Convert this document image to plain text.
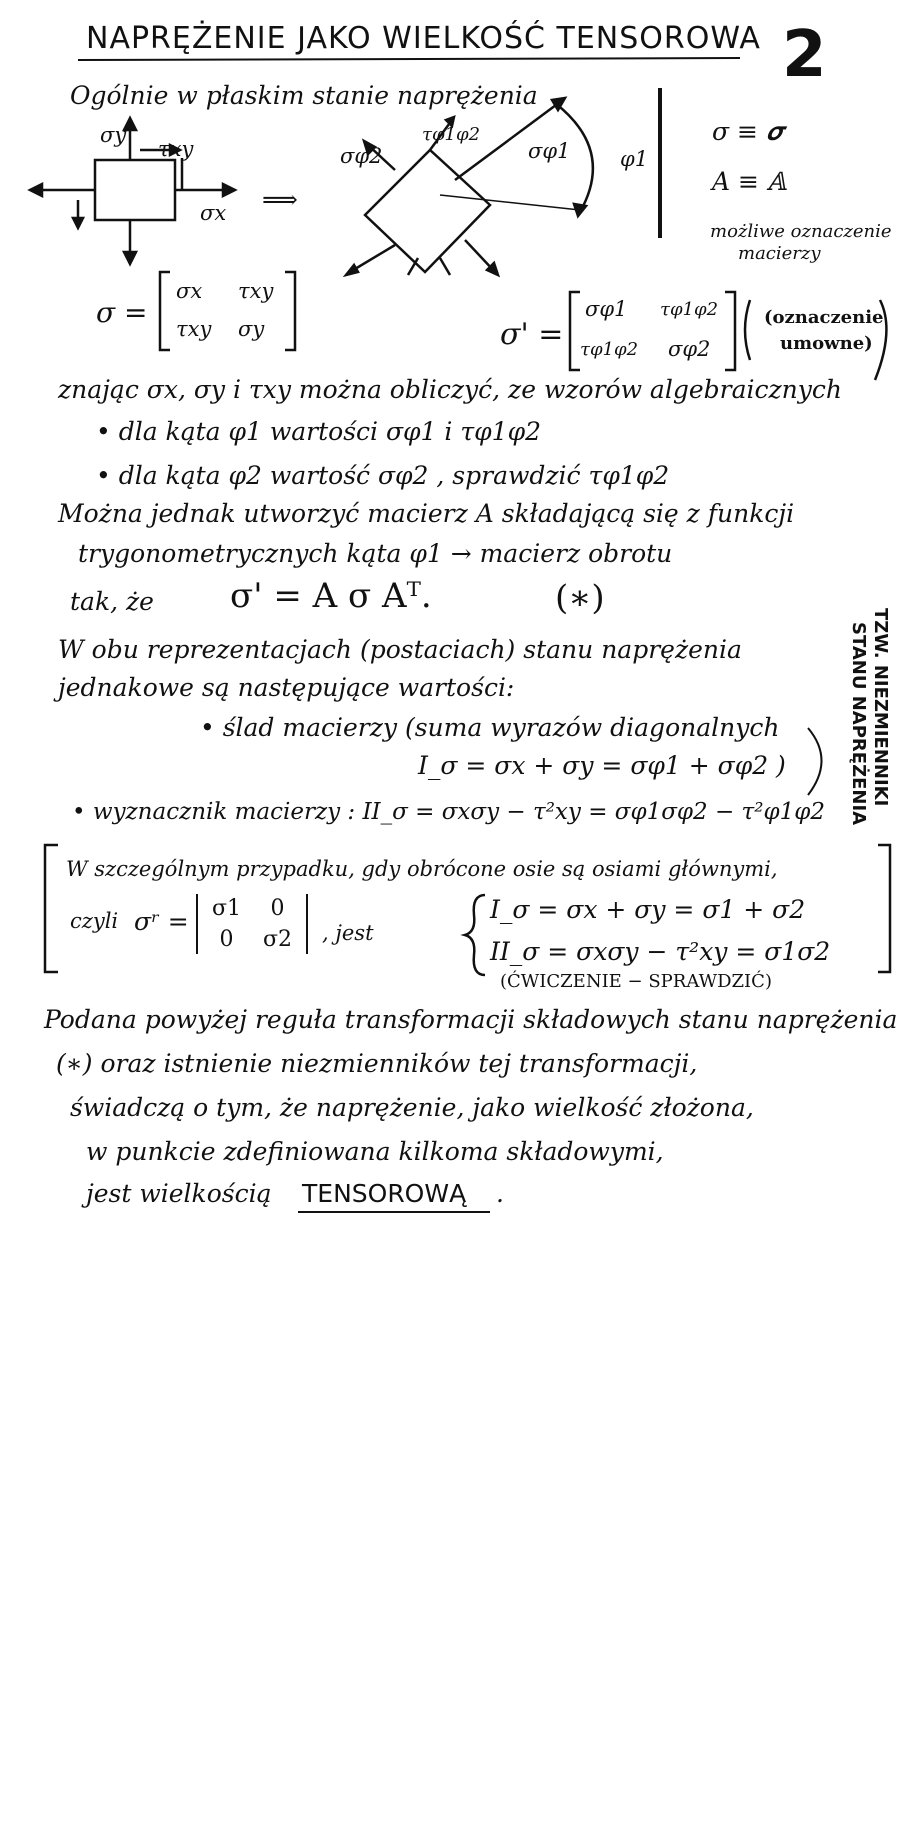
NAPRĘŻENIE JAKO WIELKOŚĆ TENSOROWA 2
Ogólnie w płaskim stanie naprężenia
σy
τxy
σx ⟹
σφ2
τφ1φ2
σφ1 φ1
σ ≡ 𝝈
A ≡ 𝔸
możliwe oznaczenie
macierzy
σ =
σx τxy
τxy σy	σ' =
σφ1 τφ1φ2
τφ1φ2 σφ2
(oznaczenie
umowne)
znając σx, σy i τxy można obliczyć, ze wzorów algebraicznych
• dla kąta φ1 wartości σφ1 i τφ1φ2
• dla kąta φ2 wartość σφ2 , sprawdzić τφ1φ2
Można jednak utworzyć macierz A składającą się z funkcji
trygonometrycznych kąta φ1 → macierz obrotu
tak, że σ' = A σ Aᵀ.	(∗)
W obu reprezentacjach (postaciach) stanu naprężenia
jednakowe są następujące wartości:
• ślad macierzy (suma wyrazów diagonalnych
I_σ = σx + σy = σφ1 + σφ2 )
• wyznacznik macierzy : II_σ = σxσy − τ²xy = σφ1σφ2 − τ²φ1φ2
TZW. NIEZMIENNIKI
STANU NAPRĘŻENIA
W szczególnym przypadku, gdy obrócone osie są osiami głównymi,
czyli σʳ = σ1	0
0	σ2 , jest
I_σ = σx + σy = σ1 + σ2
II_σ = σxσy − τ²xy = σ1σ2
(ĆWICZENIE − SPRAWDZIĆ)
Podana powyżej reguła transformacji składowych stanu naprężenia
(∗) oraz istnienie niezmienników tej transformacji,
świadczą o tym, że naprężenie, jako wielkość złożona,
w punkcie zdefiniowana kilkoma składowymi,
jest wielkością TENSOROWĄ .
